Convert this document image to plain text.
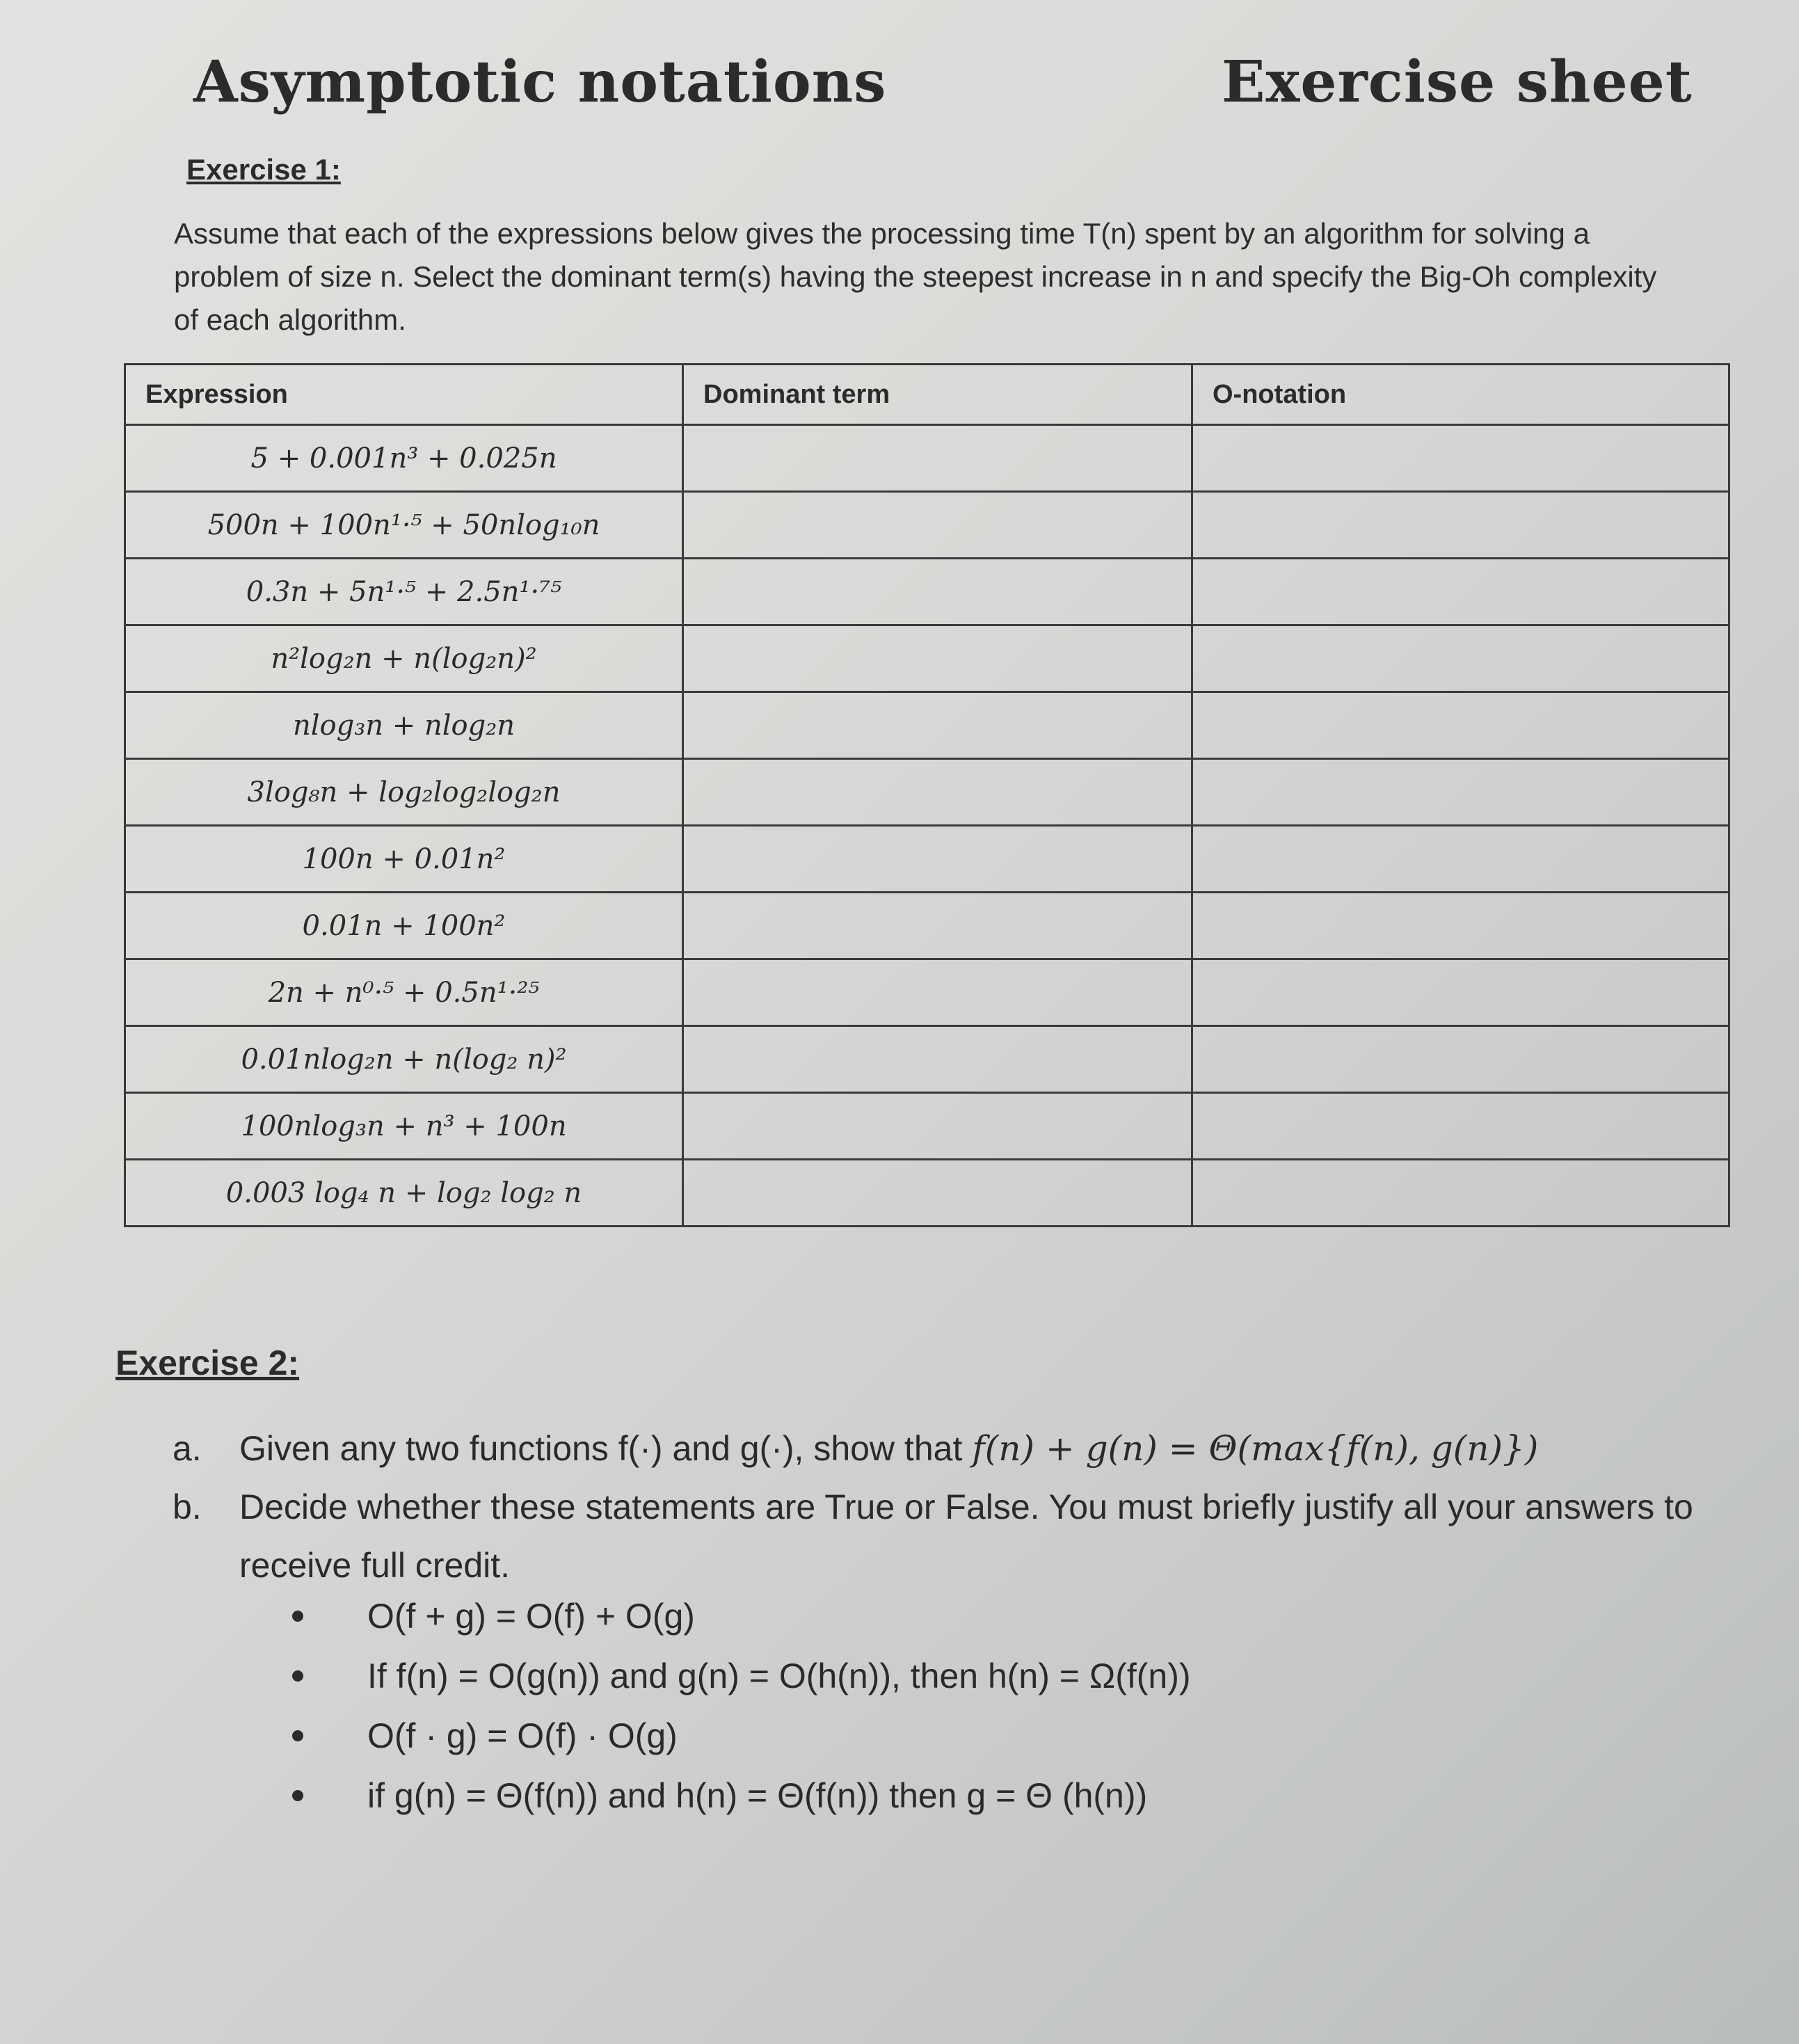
Asymptotic notations	Exercise sheet
Exercise 1:
Assume that each of the expressions below gives the processing time T(n) spent by an algorithm for solving a problem of size n. Select the dominant term(s) having the steepest increase in n and specify the Big-Oh complexity of each algorithm.
Expression	Dominant term	O-notation
5 + 0.001n³ + 0.025n		
500n + 100n¹·⁵ + 50nlog₁₀n		
0.3n + 5n¹·⁵ + 2.5n¹·⁷⁵		
n²log₂n + n(log₂n)²		
nlog₃n + nlog₂n		
3log₈n + log₂log₂log₂n		
100n + 0.01n²		
0.01n + 100n²		
2n + n⁰·⁵ + 0.5n¹·²⁵		
0.01nlog₂n + n(log₂ n)²		
100nlog₃n + n³ + 100n		
0.003 log₄ n + log₂ log₂ n		
Exercise 2:
a.	Given any two functions f(·) and g(·), show that f(n) + g(n) = Θ(max{f(n), g(n)})
b.	Decide whether these statements are True or False. You must briefly justify all your answers to receive full credit.
O(f + g) = O(f) + O(g)
If f(n) = O(g(n)) and g(n) = O(h(n)), then h(n) = Ω(f(n))
O(f · g) = O(f) · O(g)
if g(n) = Θ(f(n)) and h(n) = Θ(f(n)) then g = Θ (h(n))
